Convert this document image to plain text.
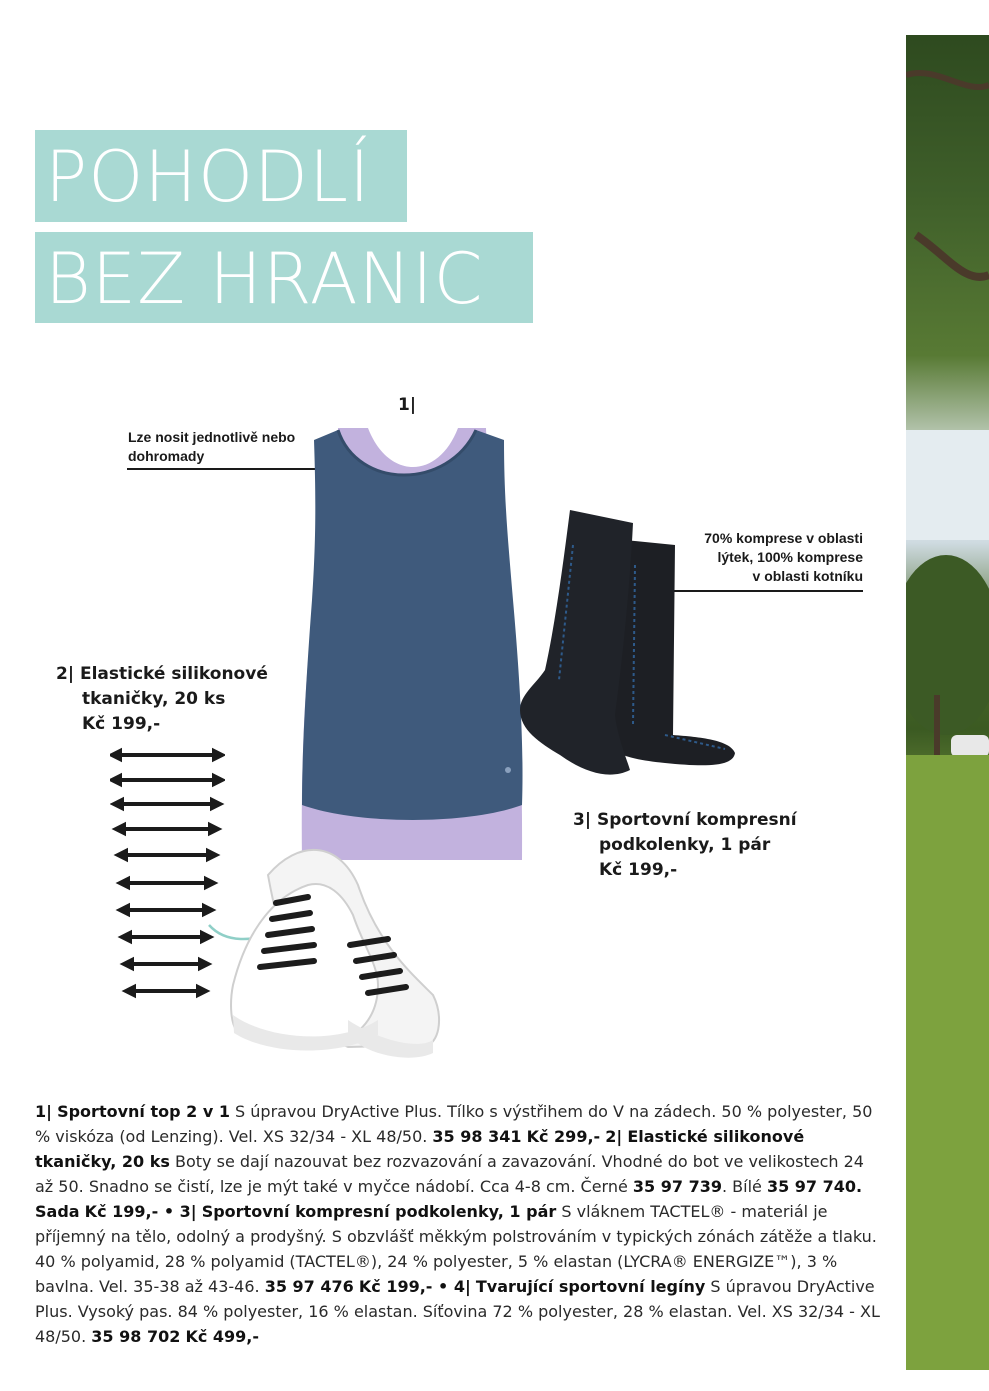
POHODLÍ
BEZ HRANIC
1|
Lze nosit jednotlivě nebo
dohromady
70% komprese v oblasti
lýtek, 100% komprese
v oblasti kotníku
2| Elastické silikonové
tkaničky, 20 ks
Kč 199,-
3| Sportovní kompresní
podkolenky, 1 pár
Kč 199,-
1| Sportovní top 2 v 1 S úpravou DryActive Plus. Tílko s výstřihem do V na zádech. 50 % polyester, 50 % viskóza (od Lenzing). Vel. XS 32/34 - XL 48/50. 35 98 341 Kč 299,- 2| Elastické silikonové tkaničky, 20 ks Boty se dají nazouvat bez rozvazování a zavazování. Vhodné do bot ve velikostech 24 až 50. Snadno se čistí, lze je mýt také v myčce nádobí. Cca 4-8 cm. Černé 35 97 739. Bílé 35 97 740. Sada Kč 199,- • 3| Sportovní kompresní podkolenky, 1 pár S vláknem TACTEL® - materiál je příjemný na tělo, odolný a prodyšný. S obzvlášť měkkým polstrováním v typických zónách zátěže a tlaku. 40 % polyamid, 28 % polyamid (TACTEL®), 24 % polyester, 5 % elastan (LYCRA® ENERGIZE™), 3 % bavlna. Vel. 35-38 až 43-46. 35 97 476 Kč 199,- • 4| Tvarující sportovní legíny S úpravou DryActive Plus. Vysoký pas. 84 % polyester, 16 % elastan. Síťovina 72 % polyester, 28 % elastan. Vel. XS 32/34 - XL 48/50. 35 98 702 Kč 499,-
